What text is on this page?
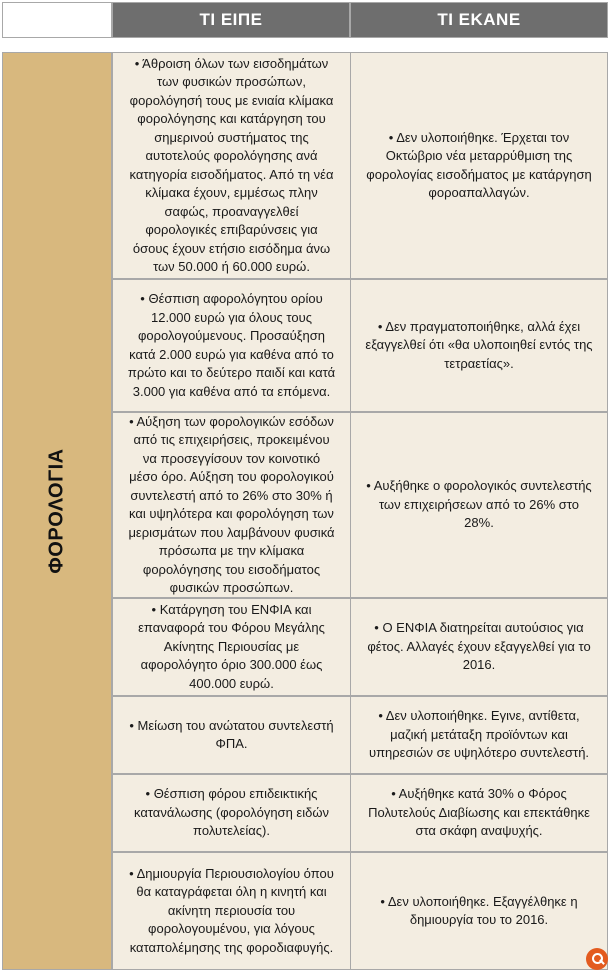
ΤΙ ΕΙΠΕ	ΤΙ ΕΚΑΝΕ
ΦΟΡΟΛΟΓΙΑ
• Άθροιση όλων των εισοδημάτων των φυσικών προσώπων, φορολόγησή τους με ενιαία κλίμακα φορολόγησης και κατάργηση του σημερινού συστήματος της αυτοτελούς φορολόγησης ανά κατηγορία εισοδήματος. Από τη νέα κλίμακα έχουν, εμμέσως πλην σαφώς, προαναγγελθεί φορολογικές επιβαρύνσεις για όσους έχουν ετήσιο εισόδημα άνω των 50.000 ή 60.000 ευρώ.
• Δεν υλοποιήθηκε. Έρχεται τον Οκτώβριο νέα μεταρρύθμιση της φορολογίας εισοδήματος με κατάργηση φοροαπαλλαγών.
• Θέσπιση αφορολόγητου ορίου 12.000 ευρώ για όλους τους φορολογούμενους. Προσαύξηση κατά 2.000 ευρώ για καθένα από το πρώτο και το δεύτερο παιδί και κατά 3.000 για καθένα από τα επόμενα.
• Δεν πραγματοποιήθηκε, αλλά έχει εξαγγελθεί ότι «θα υλοποιηθεί εντός της τετραετίας».
• Αύξηση των φορολογικών εσόδων από τις επιχειρήσεις, προκειμένου να προσεγγίσουν τον κοινοτικό μέσο όρο. Αύξηση του φορολογικού συντελεστή από το 26% στο 30% ή και υψηλότερα και φορολόγηση των μερισμάτων που λαμβάνουν φυσικά πρόσωπα με την κλίμακα φορολόγησης του εισοδήματος φυσικών προσώπων.
• Αυξήθηκε ο φορολογικός συντελεστής των επιχειρήσεων από το 26% στο 28%.
• Κατάργηση του ΕΝΦΙΑ και επαναφορά του Φόρου Μεγάλης Ακίνητης Περιουσίας με αφορολόγητο όριο 300.000 έως 400.000 ευρώ.
• Ο ΕΝΦΙΑ διατηρείται αυτούσιος για φέτος. Αλλαγές έχουν εξαγγελθεί για το 2016.
• Μείωση του ανώτατου συντελεστή ΦΠΑ.
• Δεν υλοποιήθηκε. Εγινε, αντίθετα, μαζική μετάταξη προϊόντων και υπηρεσιών σε υψηλότερο συντελεστή.
• Θέσπιση φόρου επιδεικτικής κατανάλωσης (φορολόγηση ειδών πολυτελείας).
• Αυξήθηκε κατά 30% ο Φόρος Πολυτελούς Διαβίωσης και επεκτάθηκε στα σκάφη αναψυχής.
• Δημιουργία Περιουσιολογίου όπου θα καταγράφεται όλη η κινητή και ακίνητη περιουσία του φορολογουμένου, για λόγους καταπολέμησης της φοροδιαφυγής.
• Δεν υλοποιήθηκε. Εξαγγέλθηκε η δημιουργία του το 2016.
